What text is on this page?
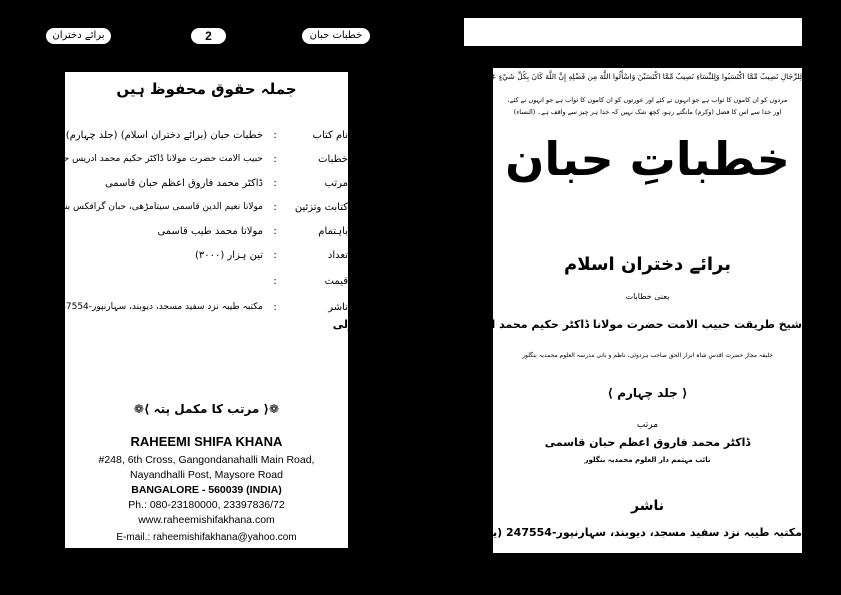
برائے دختران اسلام
2	خطبات حبان جلد 4
جملہ حقوق محفوظ ہیں
نام کتاب
:
خطبات حبان (برائے دختران اسلام) (جلد چہارم)
خطبات
:
حبیب الامت حضرت مولانا ڈاکٹر حکیم محمد ادریس حبان رحیمی
مرتب
:
ڈاکٹر محمد فاروق اعظم حبان قاسمی
کتابت وتزئین
:
مولانا نعیم الدین قاسمی سیتامڑھی، حبان گرافکس بنگلور
باہتمام
:
مولانا محمد طیب قاسمی
تعداد
:
تین ہزار (۳۰۰۰)
قیمت
:
ناشر
:
مکتبہ طیبہ نزد سفید مسجد، دیوبند، سہارنپور-247554 (یوپی)
❁⟨ مرتب کا مکمل پتہ ⟩❁
RAHEEMI SHIFA KHANA
#248, 6th Cross, Gangondanahalli Main Road,
Nayandhalli Post, Maysore Road
BANGALORE - 560039 (INDIA)
Ph.: 080-23180000, 23397836/72
www.raheemishifakhana.com
E-mail.: raheemishifakhana@yahoo.com
لِلرِّجَالِ نَصِيبٌ مِّمَّا اكْتَسَبُوا وَلِلنِّسَاءِ نَصِيبٌ مِّمَّا اكْتَسَبْنَ وَاسْأَلُوا اللَّهَ مِن فَضْلِهِ إِنَّ اللَّهَ كَانَ بِكُلِّ شَيْءٍ عَلِيمًا
مردوں کو ان کاموں کا ثواب ہے جو انہوں نے کئے اور عورتوں کو ان کاموں کا ثواب ہے جو انہوں نے کئے،
اور خدا سے اس کا فضل (وکرم) مانگتے رہو، کچھ شک نہیں کہ خدا ہر چیز سے واقف ہے۔ (النساء)
خطباتِ حبان
برائے دختران اسلام
یعنی خطابات
شیخ طریقت حبیب الامت حضرت مولانا ڈاکٹر حکیم محمد ادریس حبان رحیمی چرتھاولی
خلیفہ مجاز حضرت اقدس شاہ ابرار الحق صاحب ہردوئی، ناظم و بانی مدرسہ العلوم محمدیہ بنگلور
⟨ جلد چہارم ⟩
مرتب
ڈاکٹر محمد فاروق اعظم حبان قاسمی
نائب مہتمم دار العلوم محمدیہ بنگلور
ناشر
مکتبہ طیبہ نزد سفید مسجد، دیوبند، سہارنپور-247554 (یوپی)
